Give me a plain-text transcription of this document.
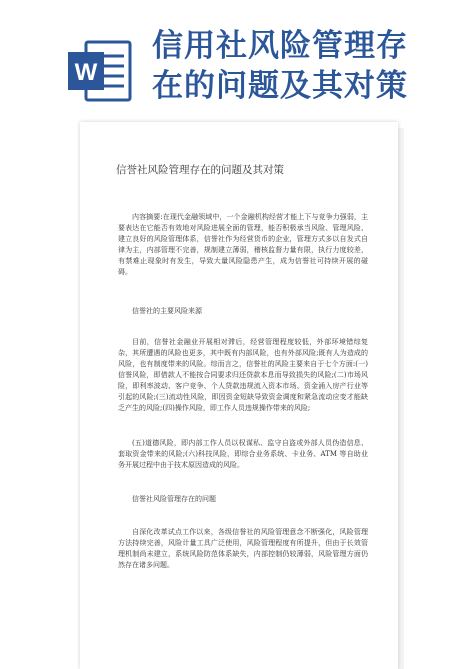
W
信用社风险管理存
在的问题及其对策
信誉社风险管理存在的问题及其对策

内容摘要:在现代金融领域中，一个金融机构经营才能上下与竞争力强弱，主要表达在它能否有效地对风险进展全面的管理，能否积极承当风险、管理风险、建立良好的风险管理体系，信誉社作为经营货币的企业，管理方式多以自发式自律为主，内部管理不完善，规制建立薄弱，稽核监督力量有限，执行力度较差，有禁难止现象时有发生，导致大量风险隐患产生，成为信誉社可持续开展的碰碍。

信誉社的主要风险来源

目前，信誉社金融业开展相对滞后，经营管理程度较低，外部环境错综复杂，其所遭遇的风险也更多，其中既有内部风险，也有外部风险;既有人为造成的风险，也有制度带来的风险。综而言之，信誉社的风险主要来自于七个方面:(一)信誉风险，即借款人不能按合同要求归还贷款本息而导致损失的风险;(二)市场风险，即利率波动、客户竞争、个人贷款违规流入资本市场、资金涌入房产行业等引起的风险;(三)流动性风险，即因资金短缺导致资金调度和紧急流动应变才能缺乏产生的风险;(四)操作风险，即工作人员违规操作带来的风险;

(五)道德风险，即内部工作人员以权谋私、监守自盗或外部人员伪造信息、套取资金带来的风险;(六)科技风险，即综合业务系统、卡业务、ATM 等自助业务开展过程中由于技术原因造成的风险。

信誉社风险管理存在的问题

自深化改革试点工作以来，各级信誉社的风险管理意念不断强化，风险管理方法持续完善，风险计量工具广泛使用，风险管理程度有所提升，但由于长效管理机制尚未建立，系统风险防范体系缺失，内部控制仍较薄弱，风险管理方面仍然存在诸多问题。
